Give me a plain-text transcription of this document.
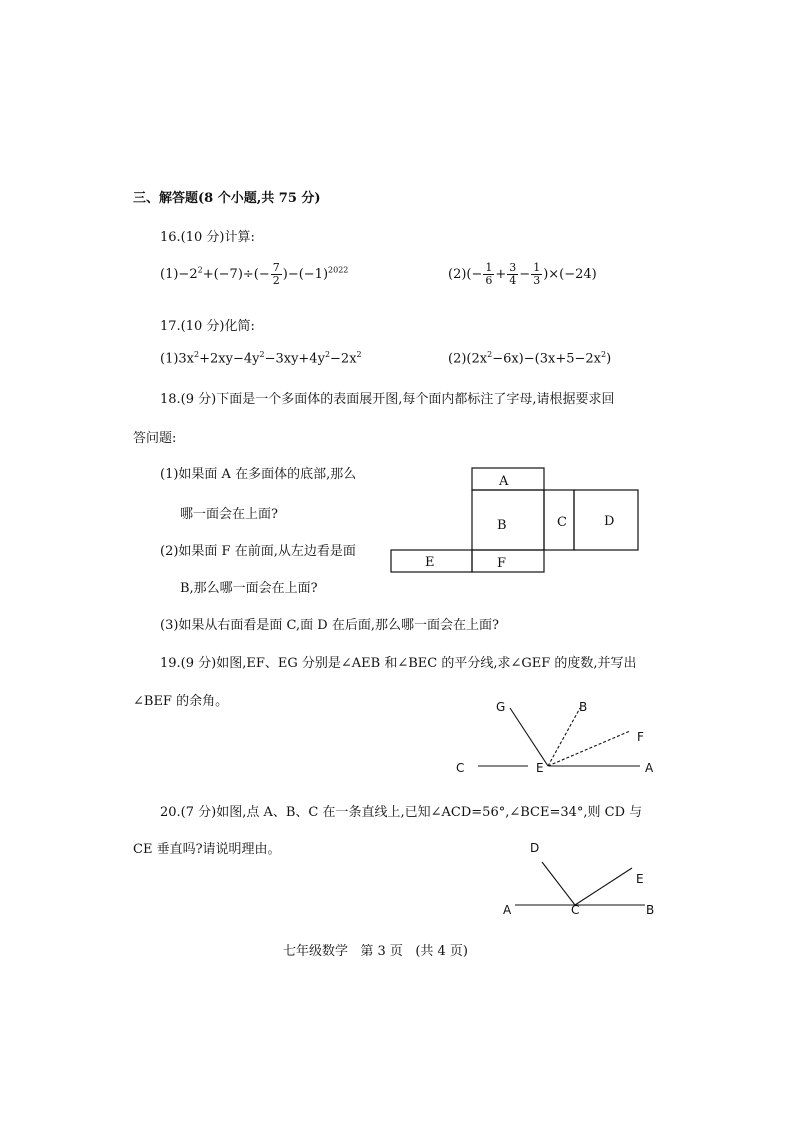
三、解答题(8 个小题,共 75 分)
16.(10 分)计算:
$(1)-2^2+(-7)\div(- \frac{7}{2} )-(-1)^{2022}$	$(2)(- \frac{1}{6} + \frac{3}{4} - \frac{1}{3} )\times(-24)$
17.(10 分)化简:
$(1)3x^2+2xy-4y^2-3xy+4y^2-2x^2$	$(2)(2x^2-6x)-(3x+5-2x^2)$
18.(9 分)下面是一个多面体的表面展开图,每个面内都标注了字母,请根据要求回
答问题:
(1)如果面 A 在多面体的底部,那么
哪一面会在上面?
(2)如果面 F 在前面,从左边看是面
B,那么哪一面会在上面?
(3)如果从右面看是面 C,面 D 在后面,那么哪一面会在上面?
A
B	C	D
E	F
19.(9 分)如图,EF、EG 分别是∠AEB 和∠BEC 的平分线,求∠GEF 的度数,并写出
∠BEF 的余角。	G	B
F
C	E	A
20.(7 分)如图,点 A、B、C 在一条直线上,已知∠ACD=56°,∠BCE=34°,则 CD 与
CE 垂直吗?请说明理由。	D
E
A	C	B
七年级数学   第 3 页   (共 4 页)
